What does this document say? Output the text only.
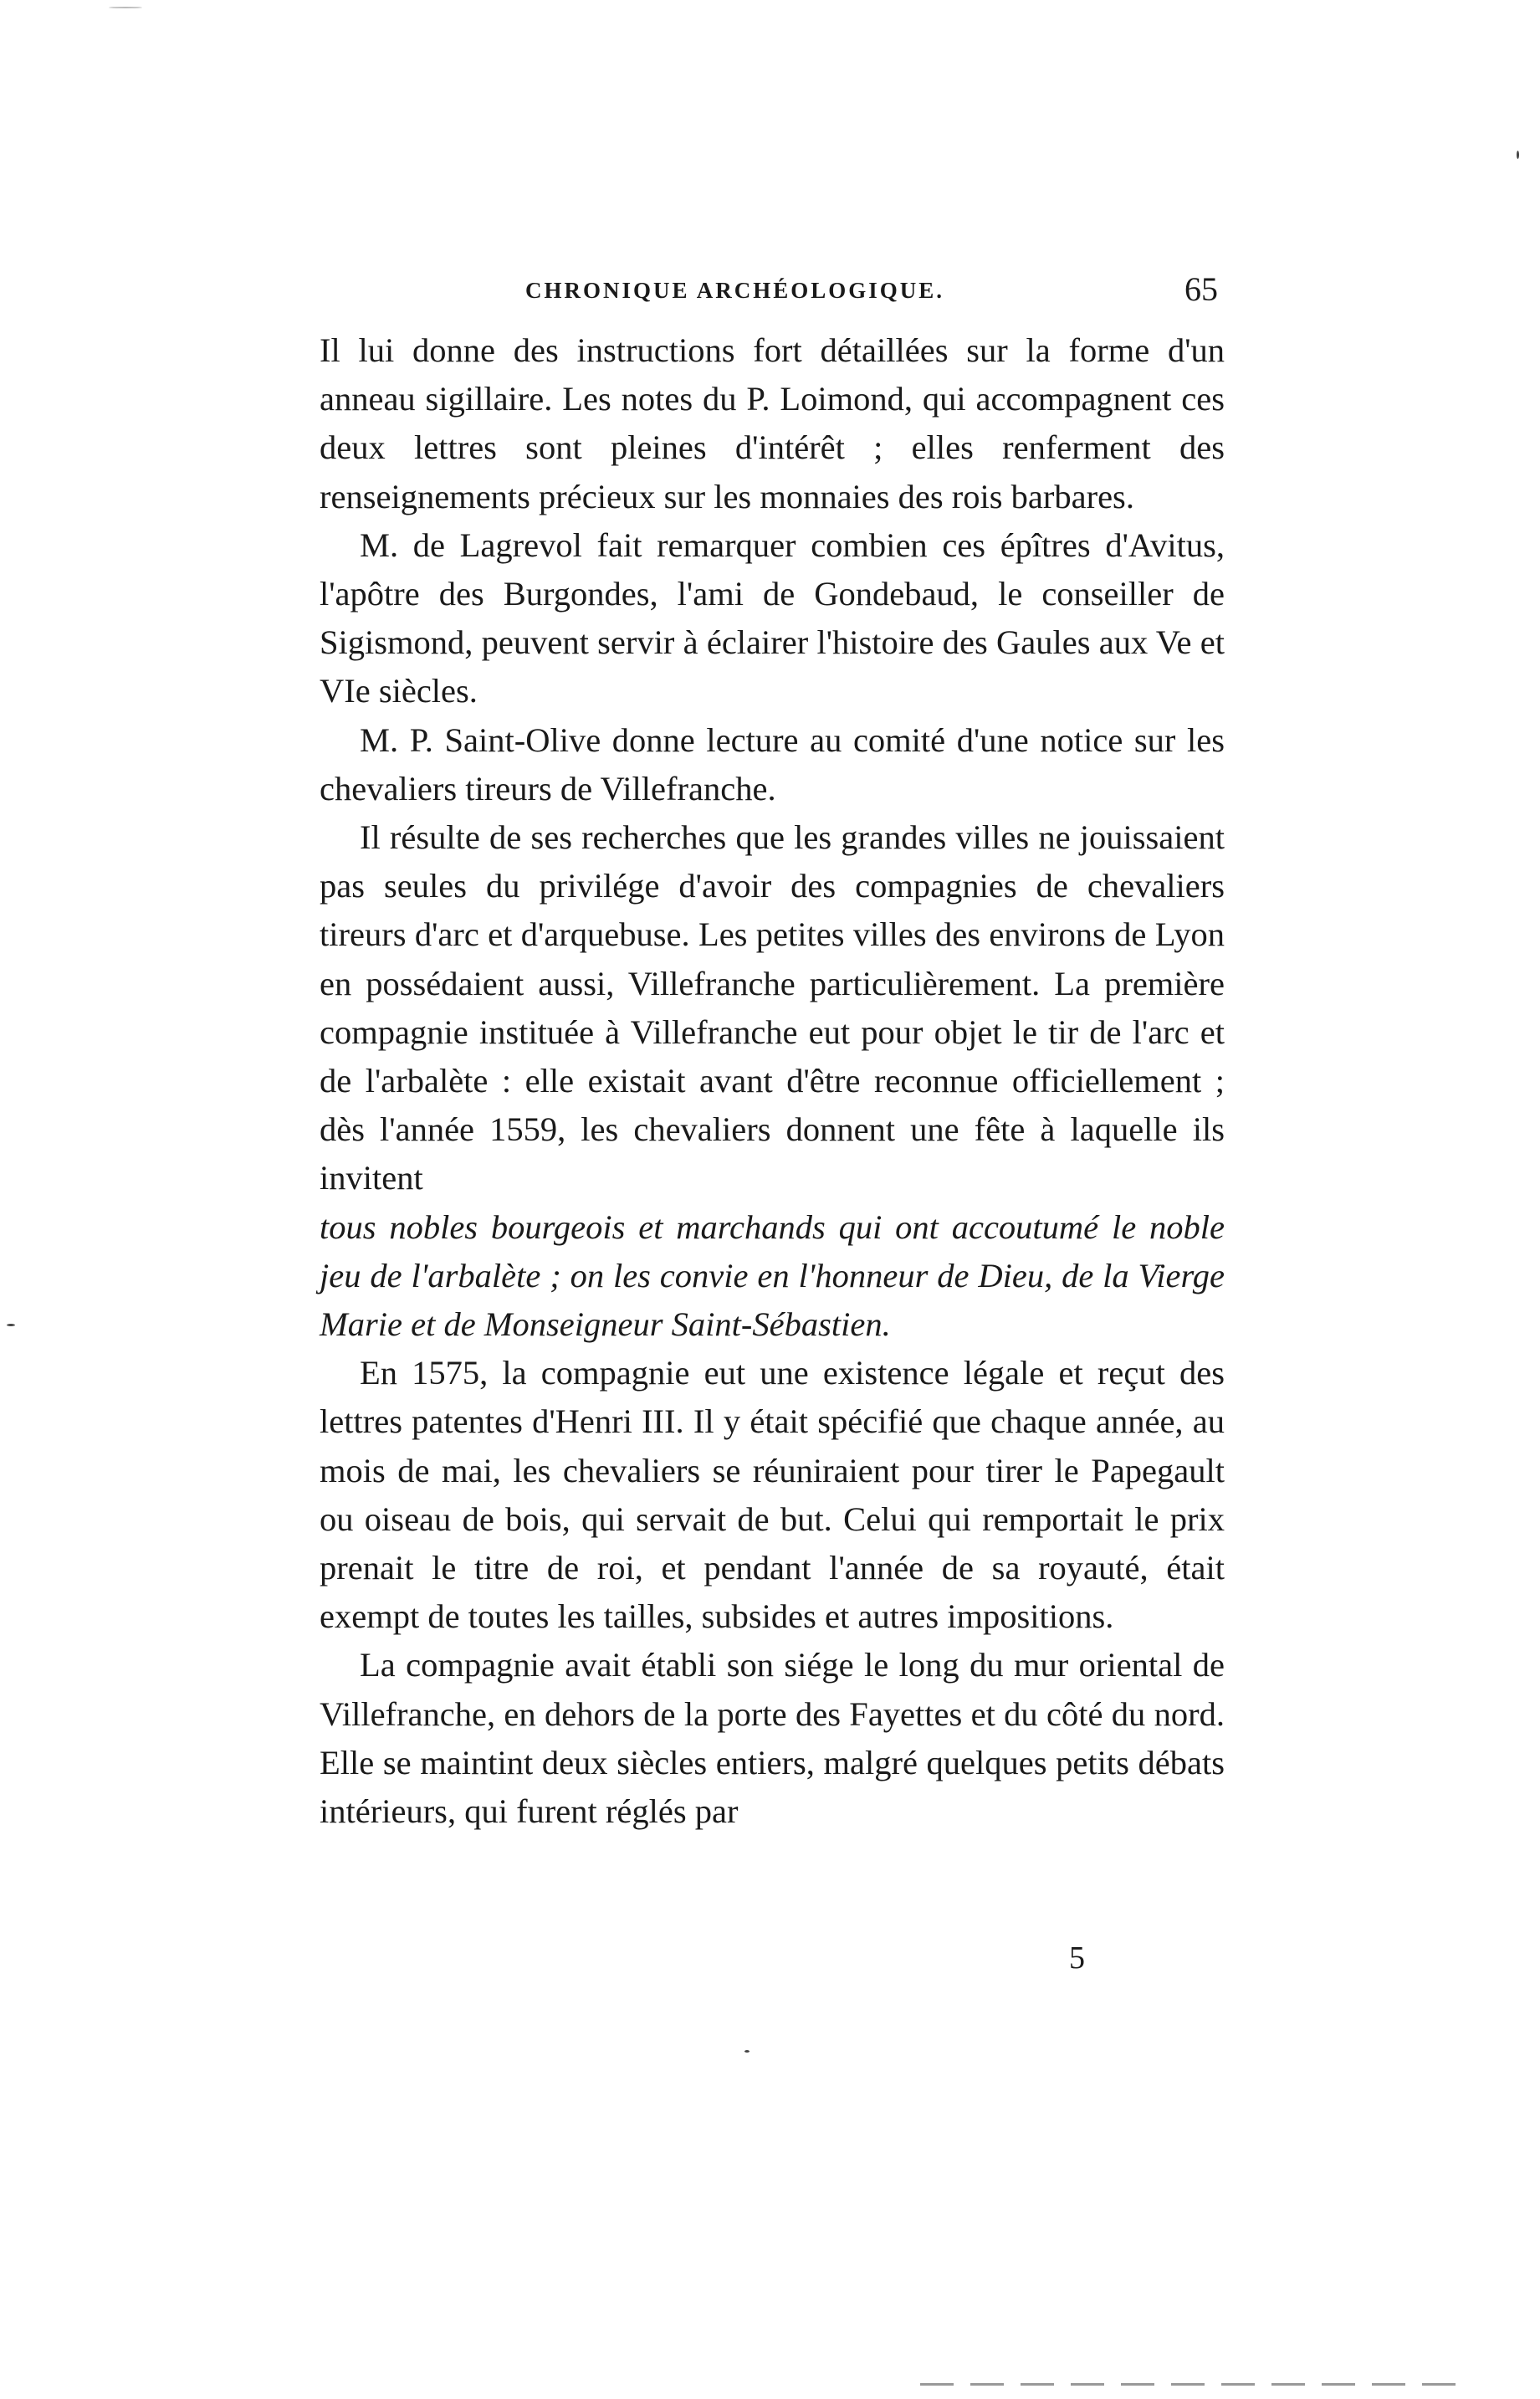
CHRONIQUE ARCHÉOLOGIQUE.	65

Il lui donne des instructions fort détaillées sur la forme d'un anneau sigillaire. Les notes du P. Loimond, qui accompagnent ces deux lettres sont pleines d'intérêt ; elles renferment des renseignements précieux sur les monnaies des rois barbares.

M. de Lagrevol fait remarquer combien ces épîtres d'Avitus, l'apôtre des Burgondes, l'ami de Gondebaud, le conseiller de Sigismond, peuvent servir à éclairer l'histoire des Gaules aux Ve et VIe siècles.

M. P. Saint-Olive donne lecture au comité d'une notice sur les chevaliers tireurs de Villefranche.

Il résulte de ses recherches que les grandes villes ne jouissaient pas seules du privilége d'avoir des compagnies de chevaliers tireurs d'arc et d'arquebuse. Les petites villes des environs de Lyon en possédaient aussi, Villefranche particulièrement. La première compagnie instituée à Villefranche eut pour objet le tir de l'arc et de l'arbalète : elle existait avant d'être reconnue officiellement ; dès l'année 1559, les chevaliers donnent une fête à laquelle ils invitent

tous nobles bourgeois et marchands qui ont accoutumé le noble jeu de l'arbalète ; on les convie en l'honneur de Dieu, de la Vierge Marie et de Monseigneur Saint-Sébastien.

En 1575, la compagnie eut une existence légale et reçut des lettres patentes d'Henri III. Il y était spécifié que chaque année, au mois de mai, les chevaliers se réuniraient pour tirer le Papegault ou oiseau de bois, qui servait de but. Celui qui remportait le prix prenait le titre de roi, et pendant l'année de sa royauté, était exempt de toutes les tailles, subsides et autres impositions.

La compagnie avait établi son siége le long du mur oriental de Villefranche, en dehors de la porte des Fayettes et du côté du nord. Elle se maintint deux siècles entiers, malgré quelques petits débats intérieurs, qui furent réglés par

5
